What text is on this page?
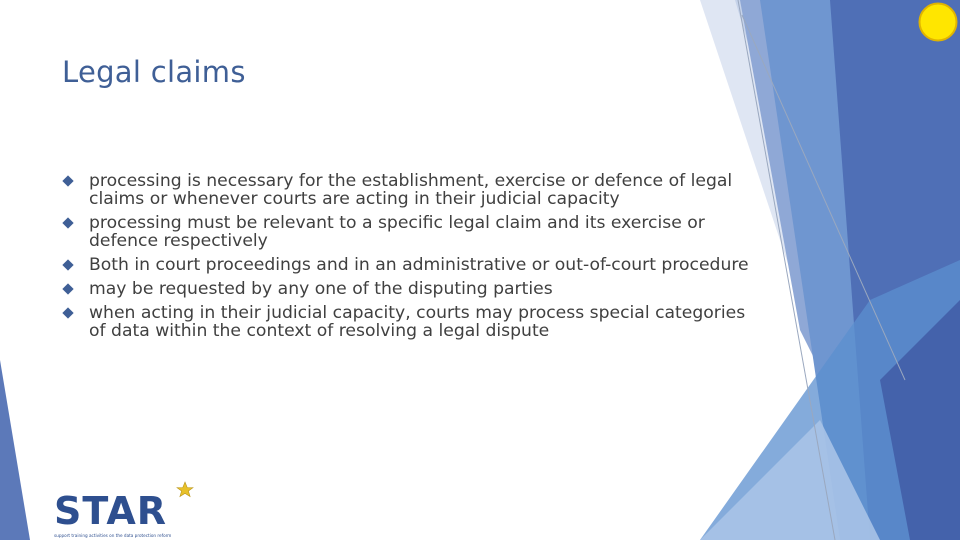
Legal claims
processing is necessary for the establishment, exercise or defence of legal claims or whenever courts are acting in their judicial capacity
processing must be relevant to a specific legal claim and its exercise or defence respectively
Both in court proceedings and in an administrative or out-of-court procedure
may be requested by any one of the disputing parties
when acting in their judicial capacity, courts may process special categories of data within the context of resolving a legal dispute
STAR
support training activities on the data protection reform
